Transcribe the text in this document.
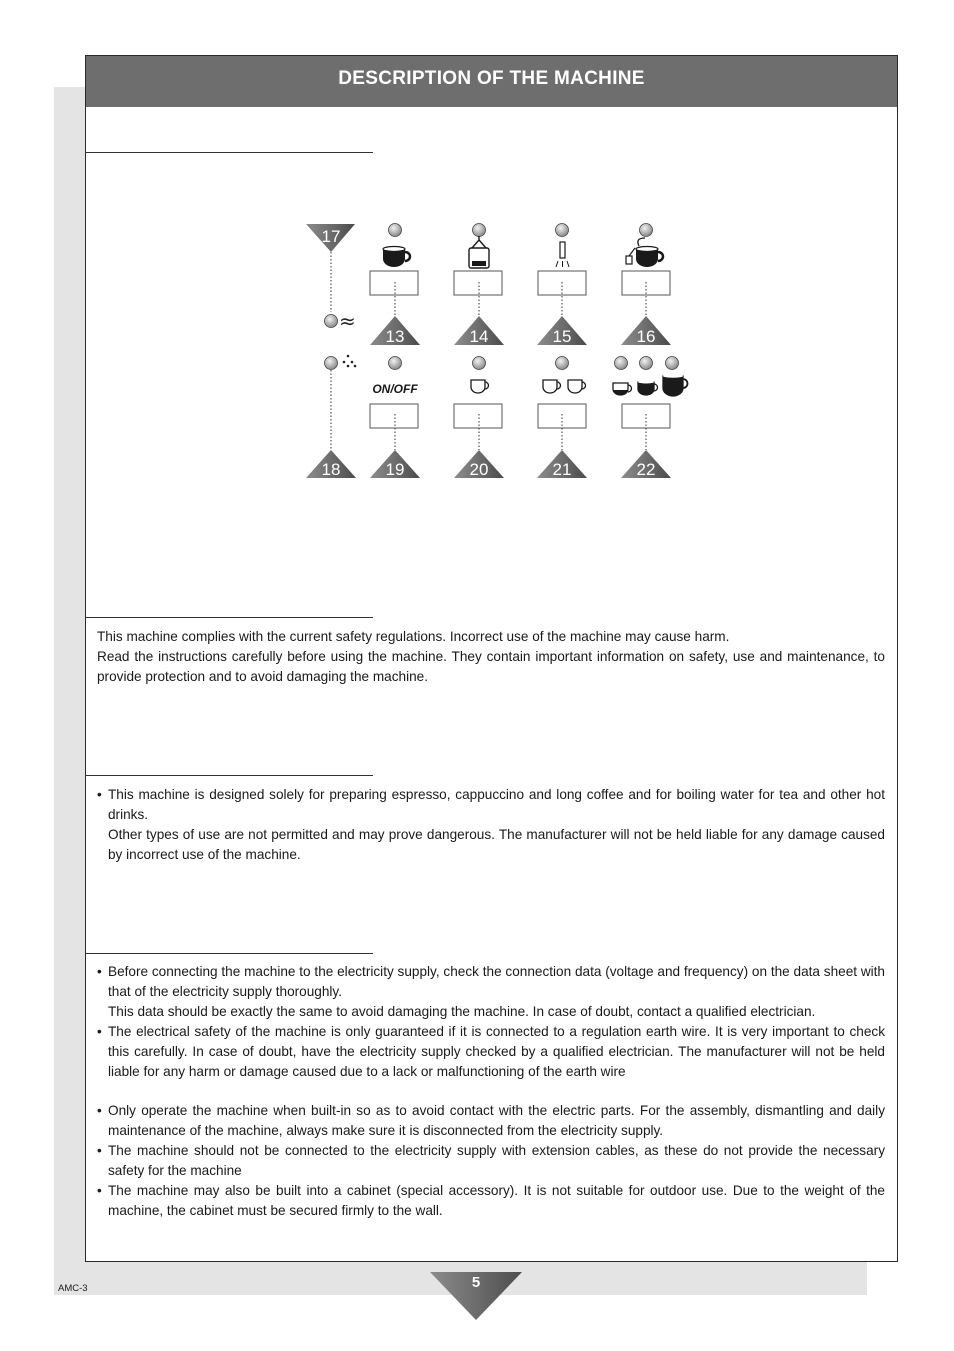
DESCRIPTION OF THE MACHINE
17
≈
13	14	15	16
ON/OFF
18	19	20	21	22

This machine complies with the current safety regulations. Incorrect use of the machine may cause harm.

Read the instructions carefully before using the machine. They contain important information on safety, use and maintenance, to provide protection and to avoid damaging the machine.

• This machine is designed solely for preparing espresso, cappuccino and long coffee and for boiling water for tea and other hot drinks.

Other types of use are not permitted and may prove dangerous. The manufacturer will not be held liable for any damage caused by incorrect use of the machine.

• Before connecting the machine to the electricity supply, check the connection data (voltage and frequency) on the data sheet with that of the electricity supply thoroughly.

This data should be exactly the same to avoid damaging the machine. In case of doubt, contact a qualified electrician.

• The electrical safety of the machine is only guaranteed if it is connected to a regulation earth wire. It is very important to check this carefully. In case of doubt, have the electricity supply checked by a qualified electrician. The manufacturer will not be held liable for any harm or damage caused due to a lack or malfunctioning of the earth wire

• Only operate the machine when built-in so as to avoid contact with the electric parts. For the assembly, dismantling and daily maintenance of the machine, always make sure it is disconnected from the electricity supply.

• The machine should not be connected to the electricity supply with extension cables, as these do not provide the necessary safety for the machine

• The machine may also be built into a cabinet (special accessory). It is not suitable for outdoor use. Due to the weight of the machine, the cabinet must be secured firmly to the wall.

AMC-3	5
